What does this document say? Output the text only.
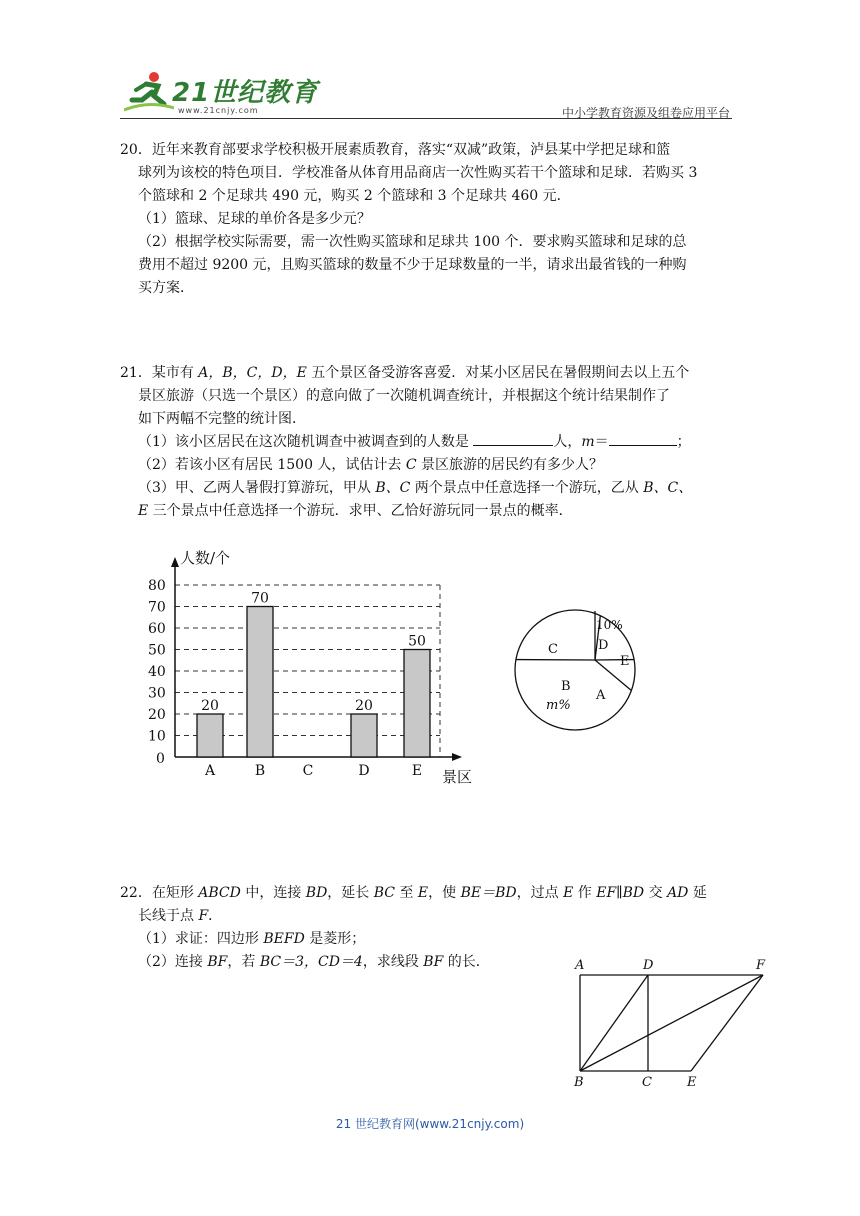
21世纪教育
www.21cnjy.com	中小学教育资源及组卷应用平台
20．近年来教育部要求学校积极开展素质教育，落实“双减”政策，泸县某中学把足球和篮
球列为该校的特色项目．学校准备从体育用品商店一次性购买若干个篮球和足球．若购买 3
个篮球和 2 个足球共 490 元，购买 2 个篮球和 3 个足球共 460 元．
（1）篮球、足球的单价各是多少元？
（2）根据学校实际需要，需一次性购买篮球和足球共 100 个．要求购买篮球和足球的总
费用不超过 9200 元，且购买篮球的数量不少于足球数量的一半，请求出最省钱的一种购
买方案．
21．某市有 A，B，C，D，E 五个景区备受游客喜爱．对某小区居民在暑假期间去以上五个
景区旅游（只选一个景区）的意向做了一次随机调查统计，并根据这个统计结果制作了
如下两幅不完整的统计图．
（1）该小区居民在这次随机调查中被调查到的人数是	人，m＝	；
（2）若该小区有居民 1500 人，试估计去 C 景区旅游的居民约有多少人？
（3）甲、乙两人暑假打算游玩，甲从 B、C 两个景点中任意选择一个游玩，乙从 B、C、
E 三个景点中任意选择一个游玩．求甲、乙恰好游玩同一景点的概率．
0
10
20
30
40
50
60
70
80
人数/个
景区
A	B	C	D	E
20
70
20
50	C	D
E
A
B
10%
m%
22．在矩形 ABCD 中，连接 BD，延长 BC 至 E，使 BE＝BD，过点 E 作 EF∥BD 交 AD 延
长线于点 F．
（1）求证：四边形 BEFD 是菱形；
（2）连接 BF，若 BC＝3，CD＝4，求线段 BF 的长．	A	D	F
B	C	E
21 世纪教育网(www.21cnjy.com)
